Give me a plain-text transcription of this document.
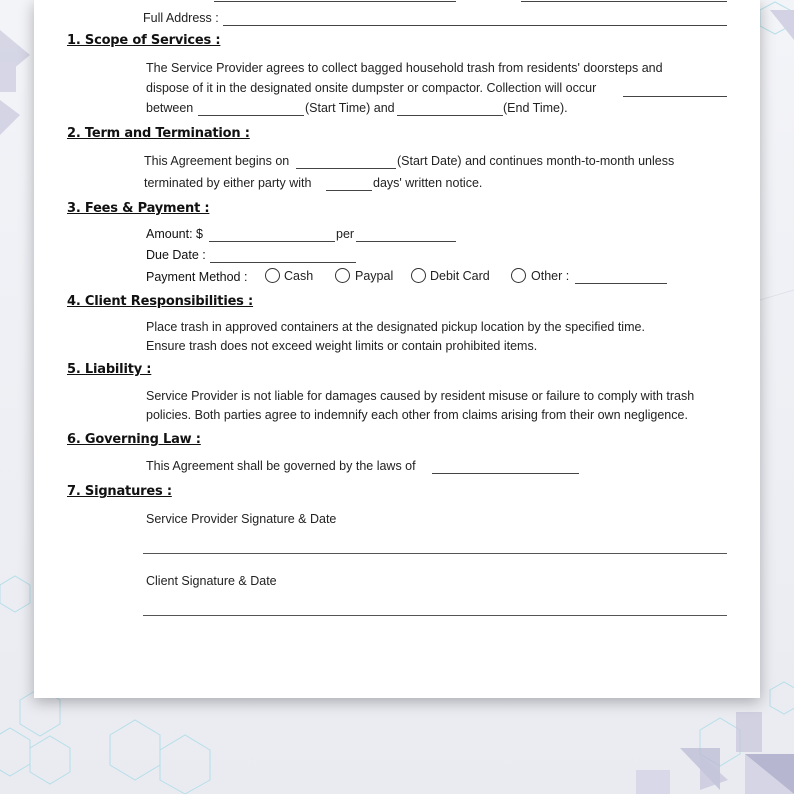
Full Address :
1. Scope of Services :
The Service Provider agrees to collect bagged household trash from residents' doorsteps and
dispose of it in the designated onsite dumpster or compactor. Collection will occur
between	(Start Time) and	(End Time).
2. Term and Termination :
This Agreement begins on	(Start Date) and continues month-to-month unless
terminated by either party with	days' written notice.
3. Fees & Payment :
Amount: $	per
Due Date :
Payment Method :	Cash	Paypal	Debit Card	Other :
4. Client Responsibilities :
Place trash in approved containers at the designated pickup location by the specified time.
Ensure trash does not exceed weight limits or contain prohibited items.
5. Liability :
Service Provider is not liable for damages caused by resident misuse or failure to comply with trash
policies. Both parties agree to indemnify each other from claims arising from their own negligence.
6. Governing Law :
This Agreement shall be governed by the laws of
7. Signatures :
Service Provider Signature & Date
Client Signature & Date
